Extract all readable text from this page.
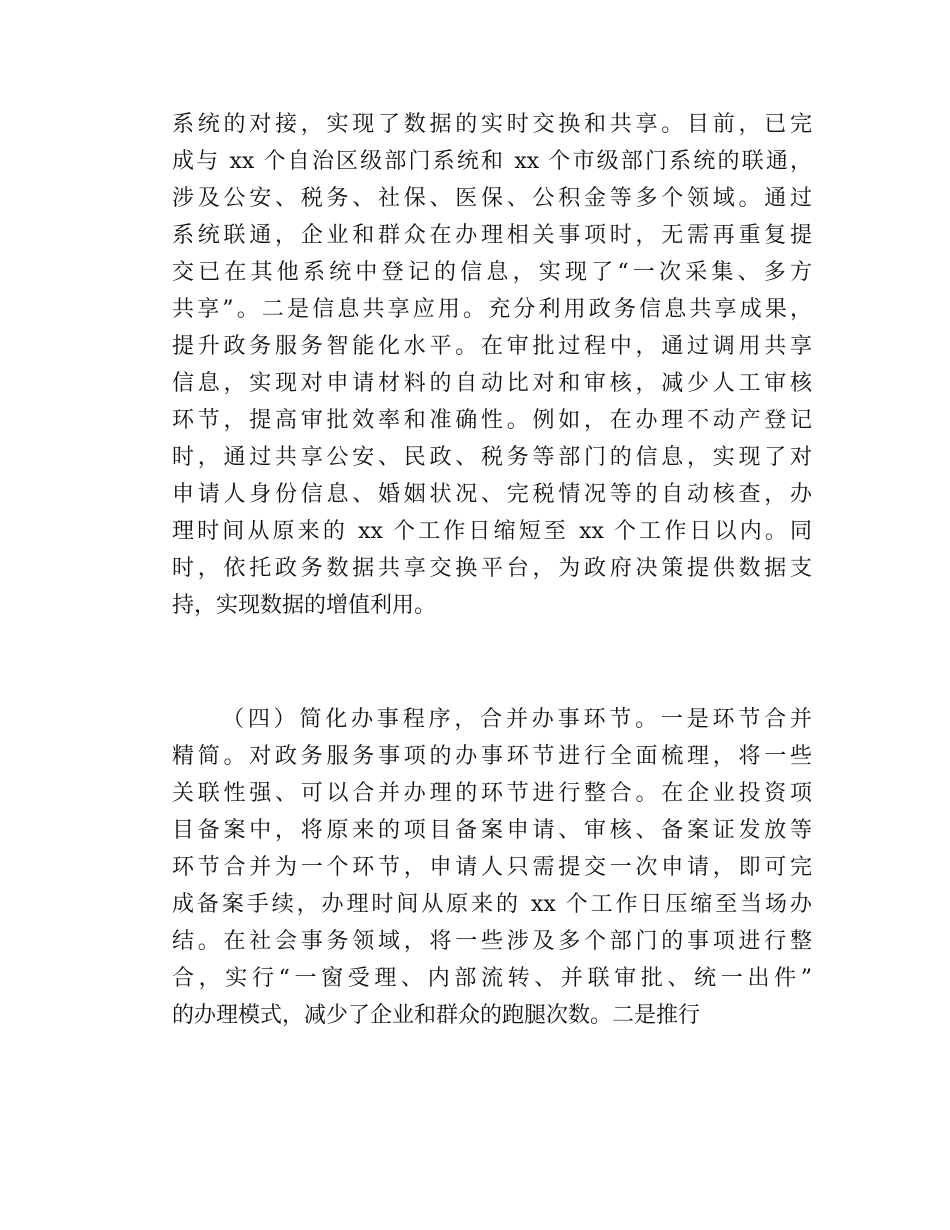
系统的对接，实现了数据的实时交换和共享。目前，已完
成与 xx 个自治区级部门系统和 xx 个市级部门系统的联通，
涉及公安、税务、社保、医保、公积金等多个领域。通过
系统联通，企业和群众在办理相关事项时，无需再重复提
交已在其他系统中登记的信息，实现了“一次采集、多方
共享”。二是信息共享应用。充分利用政务信息共享成果，
提升政务服务智能化水平。在审批过程中，通过调用共享
信息，实现对申请材料的自动比对和审核，减少人工审核
环节，提高审批效率和准确性。例如，在办理不动产登记
时，通过共享公安、民政、税务等部门的信息，实现了对
申请人身份信息、婚姻状况、完税情况等的自动核查，办
理时间从原来的 xx 个工作日缩短至 xx 个工作日以内。同
时，依托政务数据共享交换平台，为政府决策提供数据支
持，实现数据的增值利用。
（四）简化办事程序，合并办事环节。一是环节合并
精简。对政务服务事项的办事环节进行全面梳理，将一些
关联性强、可以合并办理的环节进行整合。在企业投资项
目备案中，将原来的项目备案申请、审核、备案证发放等
环节合并为一个环节，申请人只需提交一次申请，即可完
成备案手续，办理时间从原来的 xx 个工作日压缩至当场办
结。在社会事务领域，将一些涉及多个部门的事项进行整
合，实行“一窗受理、内部流转、并联审批、统一出件”
的办理模式，减少了企业和群众的跑腿次数。二是推行
